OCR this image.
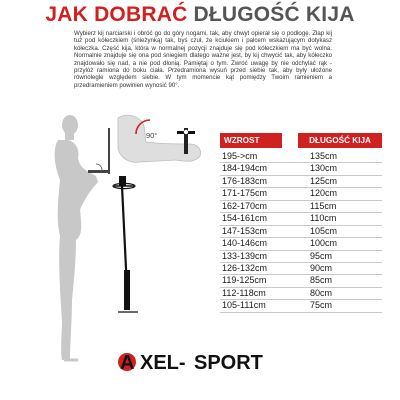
JAK DOBRAĆ DŁUGOŚĆ KIJA
Wybierz kij narciarski i obróć go do góry nogami, tak, aby chwyt opierał się o podłogę. Złap kij tuż pod kółeczkiem (śnieżynką) tak, byś czuł, że kciukiem i palcem wskazującym dotykasz kółeczka. Część kija, która w normalnej pozycji znajduje się pod kółeczkiem ma być wolna. Normalnie znajduje się ona pod śniegiem dlatego ważne jest, by kij chwycić tak, aby kółeczko znajdowało się nad, a nie pod dłonią. Pamiętaj o tym. Zwróć uwagę by nie odchylać rąk - przylóż ramiona do boku ciała. Przedramiona wysuń przed siebie tak, aby były ułożone równolegle względem siebie. W tym momencie kąt pomiędzy Twoim ramieniem a przedramieniem powinien wynosić 90°.
90°
WZROST	DŁUGOŚĆ KIJA
195->cm	135cm
184-194cm	130cm
176-183cm	125cm
171-175cm	120cm
162-170cm	115cm
154-161cm	110cm
147-153cm	105cm
140-146cm	100cm
133-139cm	95cm
126-132cm	90cm
119-125cm	85cm
112-118cm	80cm
105-111cm	75cm
A XEL- SPORT
